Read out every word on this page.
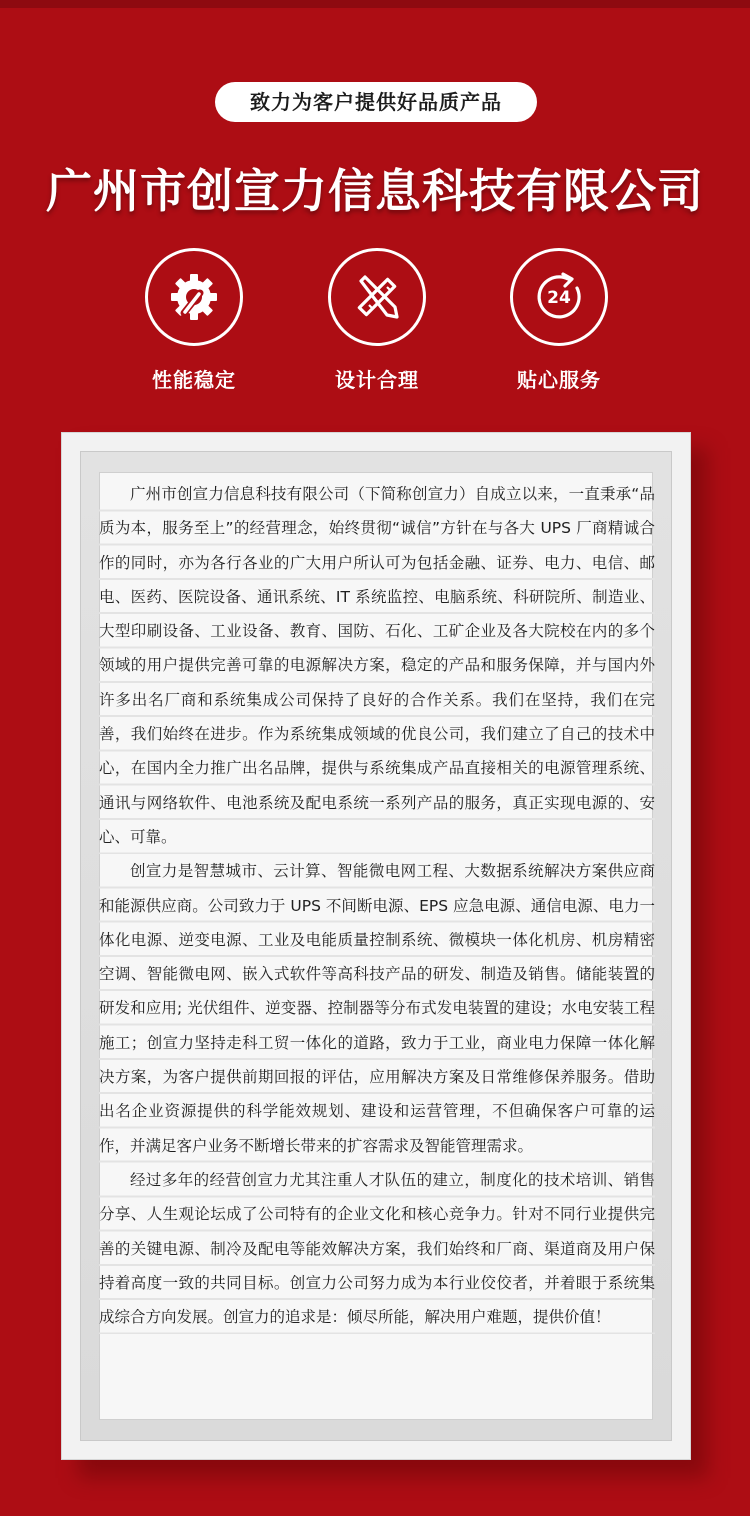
致力为客户提供好品质产品
广州市创宣力信息科技有限公司
性能稳定	设计合理
24
贴心服务

广州市创宣力信息科技有限公司（下简称创宣力）自成立以来，一直秉承“品质为本，服务至上”的经营理念，始终贯彻“诚信”方针在与各大 UPS 厂商精诚合作的同时，亦为各行各业的广大用户所认可为包括金融、证券、电力、电信、邮电、医药、医院设备、通讯系统、IT 系统监控、电脑系统、科研院所、制造业、大型印刷设备、工业设备、教育、国防、石化、工矿企业及各大院校在内的多个领域的用户提供完善可靠的电源解决方案，稳定的产品和服务保障，并与国内外许多出名厂商和系统集成公司保持了良好的合作关系。我们在坚持，我们在完善，我们始终在进步。作为系统集成领域的优良公司，我们建立了自己的技术中心，在国内全力推广出名品牌，提供与系统集成产品直接相关的电源管理系统、通讯与网络软件、电池系统及配电系统一系列产品的服务，真正实现电源的、安心、可靠。

创宣力是智慧城市、云计算、智能微电网工程、大数据系统解决方案供应商和能源供应商。公司致力于 UPS 不间断电源、EPS 应急电源、通信电源、电力一体化电源、逆变电源、工业及电能质量控制系统、微模块一体化机房、机房精密空调、智能微电网、嵌入式软件等高科技产品的研发、制造及销售。储能装置的研发和应用; 光伏组件、逆变器、控制器等分布式发电装置的建设；水电安装工程施工；创宣力坚持走科工贸一体化的道路，致力于工业，商业电力保障一体化解决方案，为客户提供前期回报的评估，应用解决方案及日常维修保养服务。借助出名企业资源提供的科学能效规划、建设和运营管理，不但确保客户可靠的运作，并满足客户业务不断增长带来的扩容需求及智能管理需求。

经过多年的经营创宣力尤其注重人才队伍的建立，制度化的技术培训、销售分享、人生观论坛成了公司特有的企业文化和核心竞争力。针对不同行业提供完善的关键电源、制冷及配电等能效解决方案，我们始终和厂商、渠道商及用户保持着高度一致的共同目标。创宣力公司努力成为本行业佼佼者，并着眼于系统集成综合方向发展。创宣力的追求是：倾尽所能，解决用户难题，提供价值！
